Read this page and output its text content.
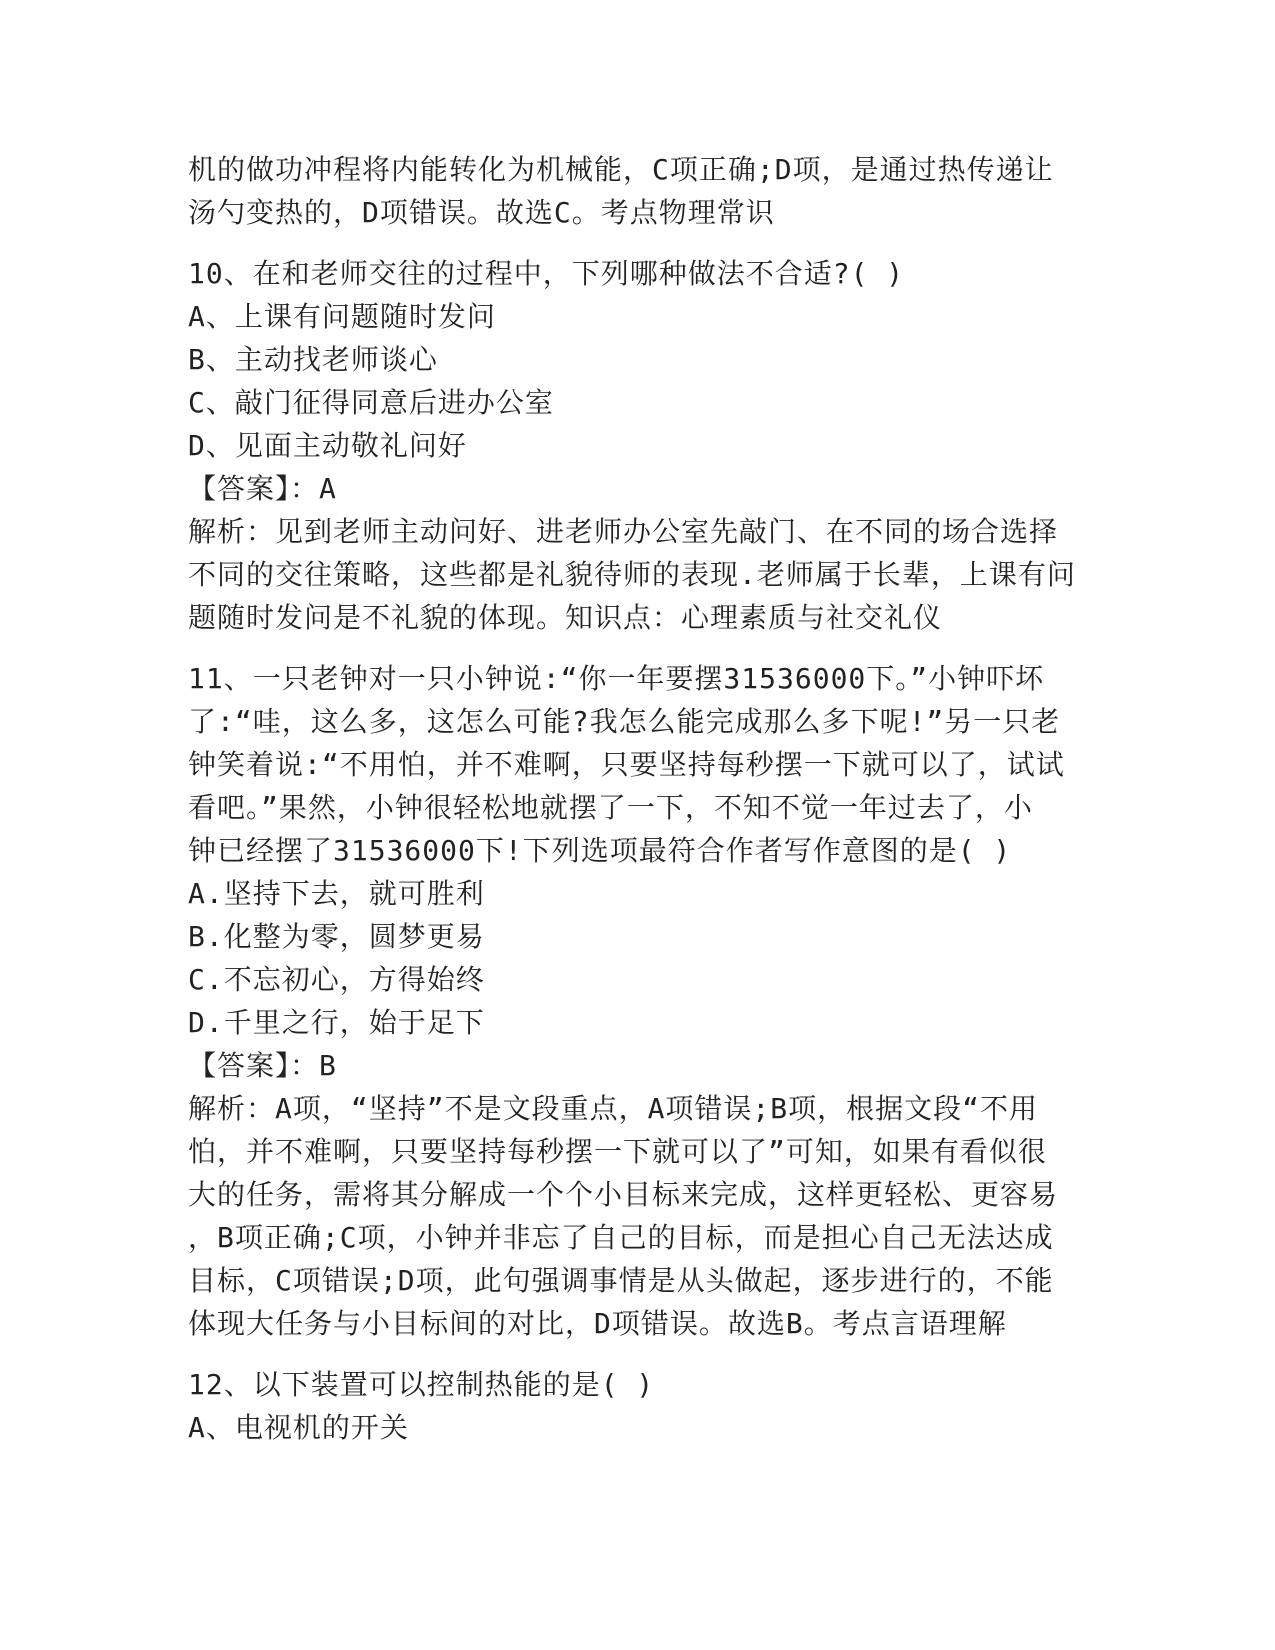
机的做功冲程将内能转化为机械能，C项正确;D项，是通过热传递让
汤勺变热的，D项错误。故选C。考点物理常识
10、在和老师交往的过程中，下列哪种做法不合适?( )
A、上课有问题随时发问
B、主动找老师谈心
C、敲门征得同意后进办公室
D、见面主动敬礼问好
【答案】：A
解析：见到老师主动问好、进老师办公室先敲门、在不同的场合选择
不同的交往策略，这些都是礼貌待师的表现.老师属于长辈，上课有问
题随时发问是不礼貌的体现。知识点：心理素质与社交礼仪
11、一只老钟对一只小钟说:“你一年要摆31536000下。”小钟吓坏
了:“哇，这么多，这怎么可能?我怎么能完成那么多下呢!”另一只老
钟笑着说:“不用怕，并不难啊，只要坚持每秒摆一下就可以了，试试
看吧。”果然，小钟很轻松地就摆了一下，不知不觉一年过去了，小
钟已经摆了31536000下!下列选项最符合作者写作意图的是( )
A.坚持下去，就可胜利
B.化整为零，圆梦更易
C.不忘初心，方得始终
D.千里之行，始于足下
【答案】：B
解析：A项，“坚持”不是文段重点，A项错误;B项，根据文段“不用
怕，并不难啊，只要坚持每秒摆一下就可以了”可知，如果有看似很
大的任务，需将其分解成一个个小目标来完成，这样更轻松、更容易
，B项正确;C项，小钟并非忘了自己的目标，而是担心自己无法达成
目标，C项错误;D项，此句强调事情是从头做起，逐步进行的，不能
体现大任务与小目标间的对比，D项错误。故选B。考点言语理解
12、以下装置可以控制热能的是( )
A、电视机的开关
